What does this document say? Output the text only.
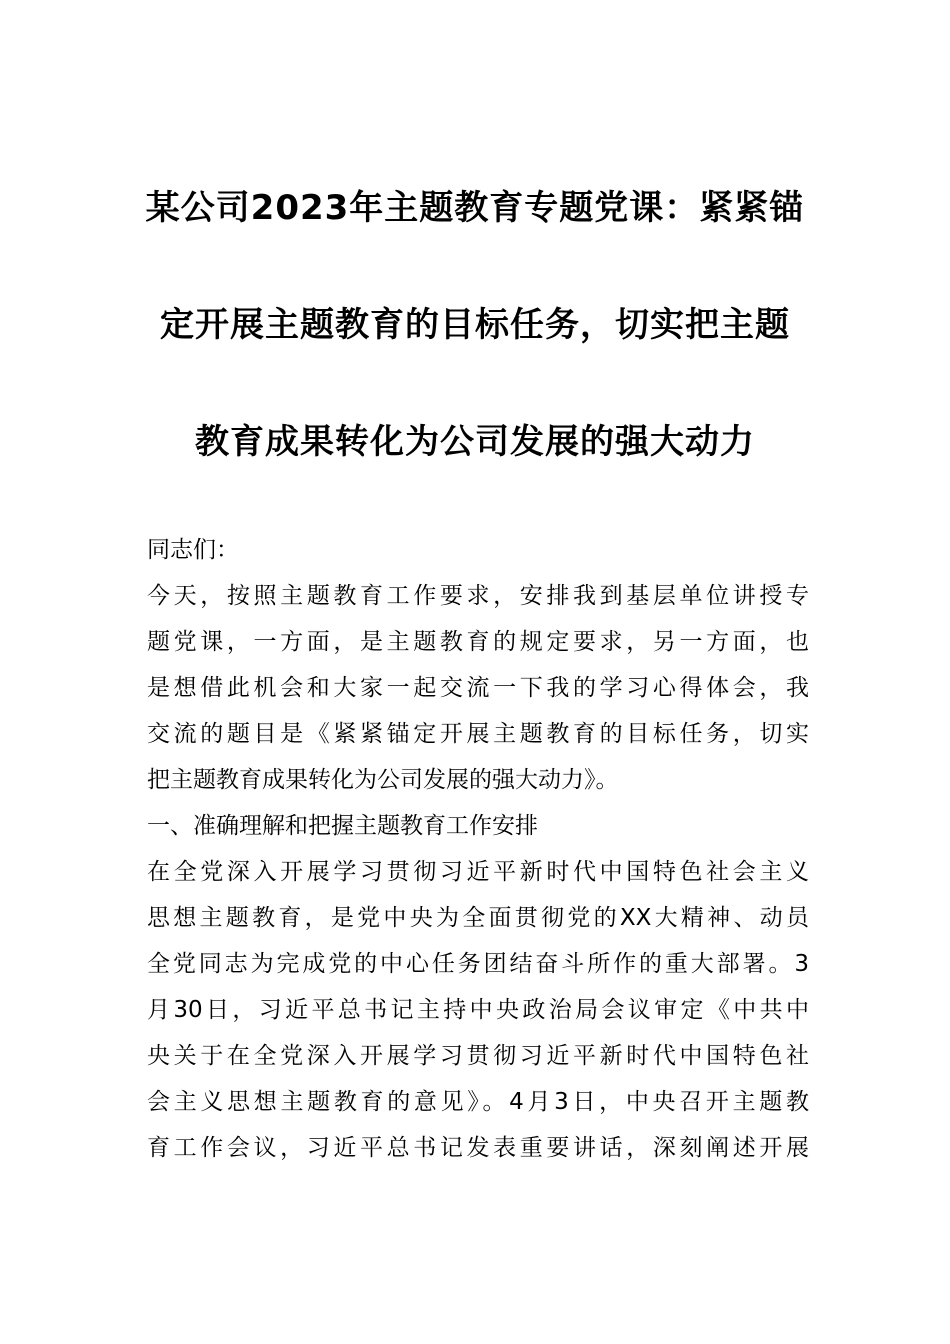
某公司2023年主题教育专题党课：紧紧锚

定开展主题教育的目标任务，切实把主题

教育成果转化为公司发展的强大动力

同志们：

今天，按照主题教育工作要求，安排我到基层单位讲授专

题党课，一方面，是主题教育的规定要求，另一方面，也

是想借此机会和大家一起交流一下我的学习心得体会，我

交流的题目是《紧紧锚定开展主题教育的目标任务，切实

把主题教育成果转化为公司发展的强大动力》。

一、准确理解和把握主题教育工作安排

在全党深入开展学习贯彻习近平新时代中国特色社会主义

思想主题教育，是党中央为全面贯彻党的XX大精神、动员

全党同志为完成党的中心任务团结奋斗所作的重大部署。3

月30日，习近平总书记主持中央政治局会议审定《中共中

央关于在全党深入开展学习贯彻习近平新时代中国特色社

会主义思想主题教育的意见》。4月3日，中央召开主题教

育工作会议，习近平总书记发表重要讲话，深刻阐述开展
